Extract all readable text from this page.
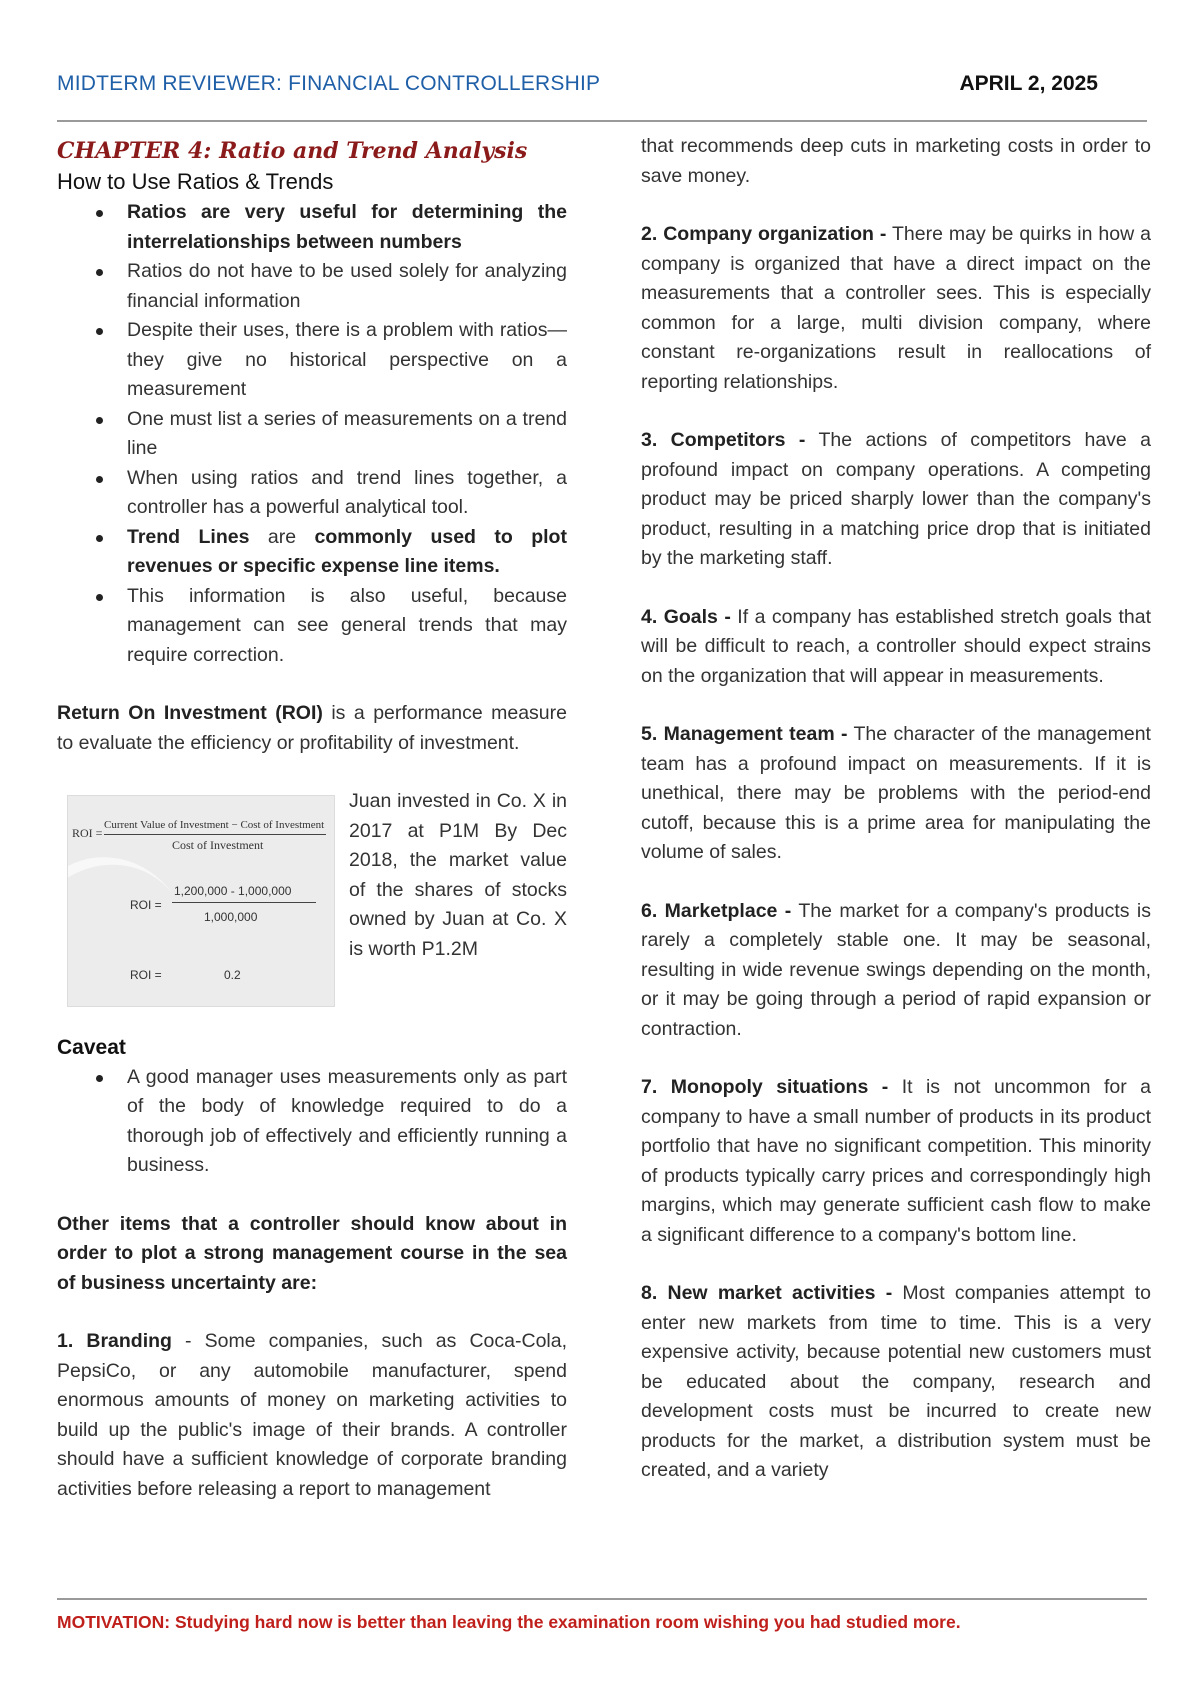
MIDTERM REVIEWER: FINANCIAL CONTROLLERSHIP	APRIL 2, 2025

CHAPTER 4: Ratio and Trend Analysis

How to Use Ratios & Trends

Ratios are very useful for determining the interrelationships between numbers
Ratios do not have to be used solely for analyzing financial information
Despite their uses, there is a problem with ratios—they give no historical perspective on a measurement
One must list a series of measurements on a trend line
When using ratios and trend lines together, a controller has a powerful analytical tool.
Trend Lines are commonly used to plot revenues or specific expense line items.
This information is also useful, because management can see general trends that may require correction.

Return On Investment (ROI) is a performance measure to evaluate the efficiency or profitability of investment.

ROI =
Current Value of Investment − Cost of Investment
Cost of Investment
ROI =
1,200,000 - 1,000,000
1,000,000
ROI =	0.2

Juan invested in Co. X in 2017 at P1M By Dec 2018, the market value of the shares of stocks owned by Juan at Co. X is worth P1.2M

Caveat

A good manager uses measurements only as part of the body of knowledge required to do a thorough job of effectively and efficiently running a business.

Other items that a controller should know about in order to plot a strong management course in the sea of business uncertainty are:

1. Branding - Some companies, such as Coca-Cola, PepsiCo, or any automobile manufacturer, spend enormous amounts of money on marketing activities to build up the public's image of their brands. A controller should have a sufficient knowledge of corporate branding activities before releasing a report to management

that recommends deep cuts in marketing costs in order to save money.

2. Company organization - There may be quirks in how a company is organized that have a direct impact on the measurements that a controller sees. This is especially common for a large, multi division company, where constant re-organizations result in reallocations of reporting relationships.

3. Competitors - The actions of competitors have a profound impact on company operations. A competing product may be priced sharply lower than the company's product, resulting in a matching price drop that is initiated by the marketing staff.

4. Goals - If a company has established stretch goals that will be difficult to reach, a controller should expect strains on the organization that will appear in measurements.

5. Management team - The character of the management team has a profound impact on measurements. If it is unethical, there may be problems with the period-end cutoff, because this is a prime area for manipulating the volume of sales.

6. Marketplace - The market for a company's products is rarely a completely stable one. It may be seasonal, resulting in wide revenue swings depending on the month, or it may be going through a period of rapid expansion or contraction.

7. Monopoly situations - It is not uncommon for a company to have a small number of products in its product portfolio that have no significant competition. This minority of products typically carry prices and correspondingly high margins, which may generate sufficient cash flow to make a significant difference to a company's bottom line.

8. New market activities - Most companies attempt to enter new markets from time to time. This is a very expensive activity, because potential new customers must be educated about the company, research and development costs must be incurred to create new products for the market, a distribution system must be created, and a variety

MOTIVATION: Studying hard now is better than leaving the examination room wishing you had studied more.
